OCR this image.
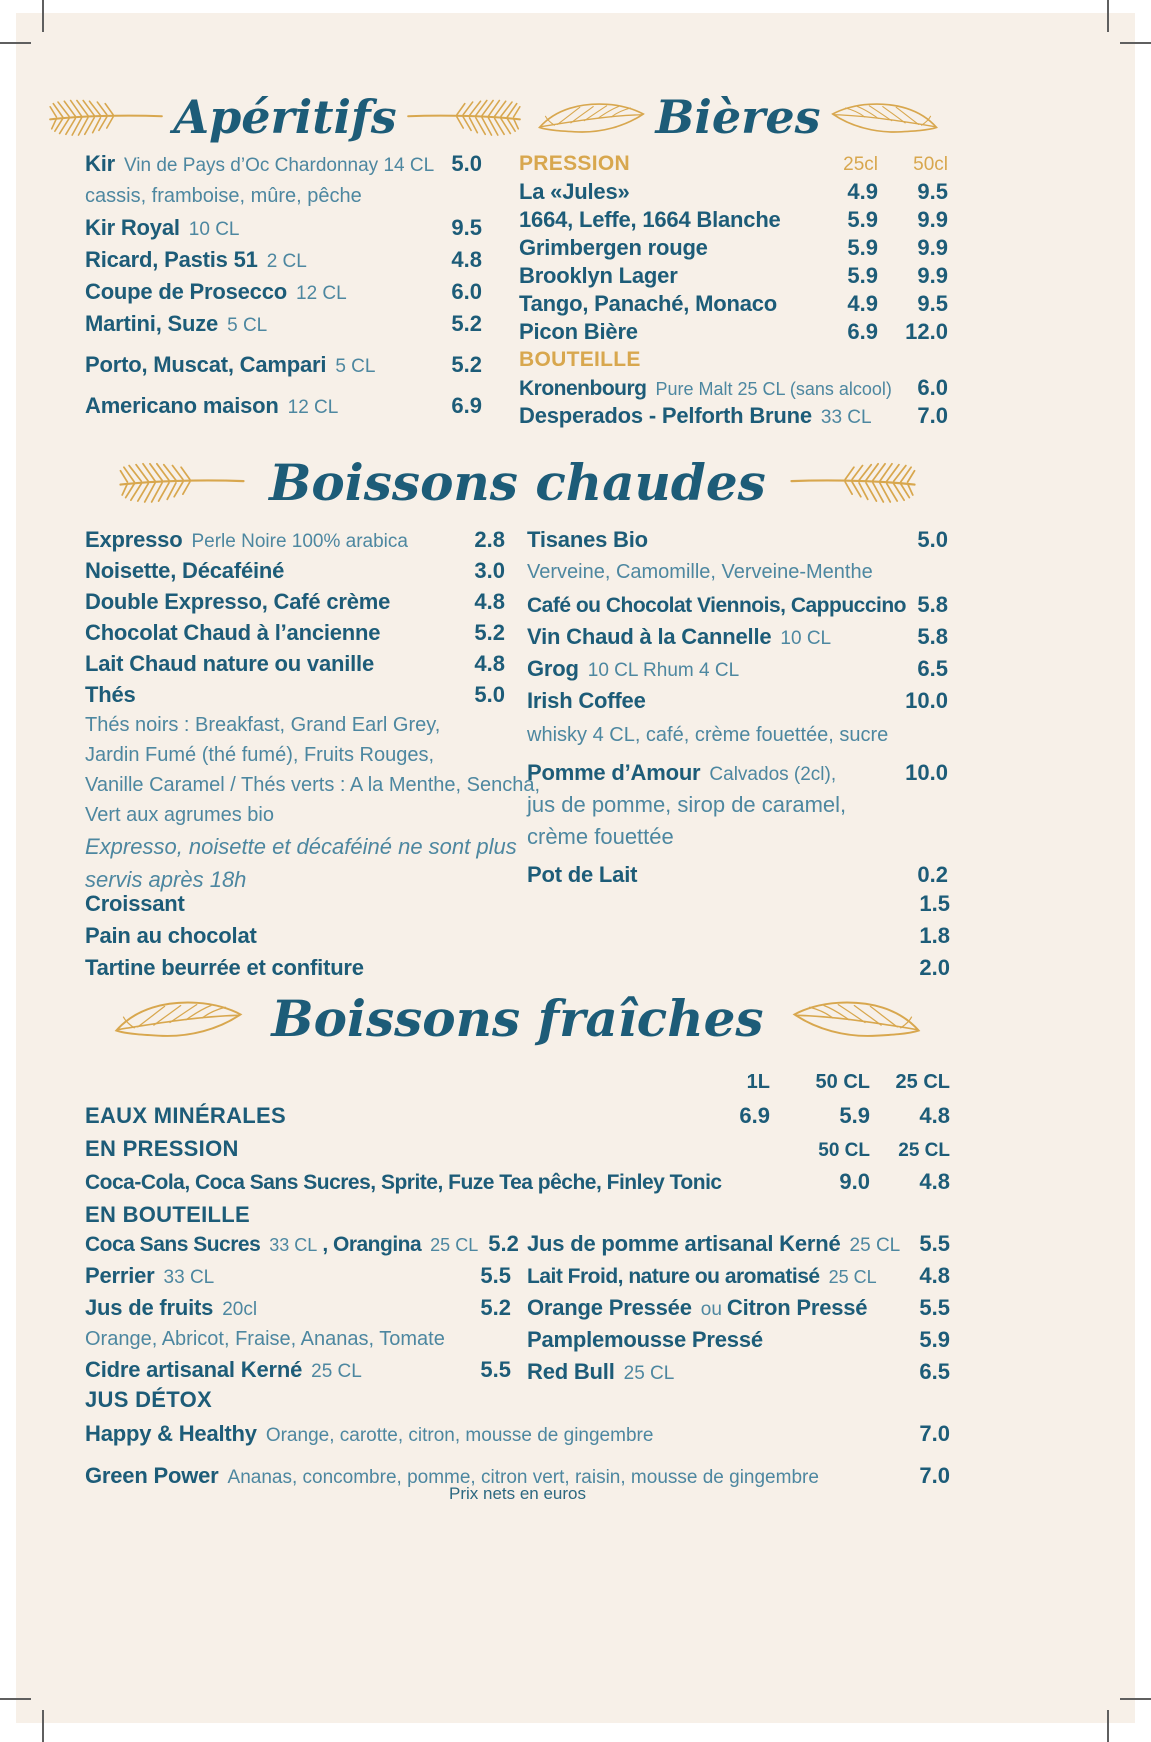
Apéritifs
Kir Vin de Pays d’Oc Chardonnay 14 CL 5.0
cassis, framboise, mûre, pêche
Kir Royal 10 CL	9.5
Ricard, Pastis 51 2 CL	4.8
Coupe de Prosecco 12 CL	6.0
Martini, Suze 5 CL	5.2
Porto, Muscat, Campari 5 CL	5.2
Americano maison 12 CL	6.9
Bières
PRESSION	25cl	50cl
La «Jules»	4.9	9.5
1664, Leffe, 1664 Blanche	5.9	9.9
Grimbergen rouge	5.9	9.9
Brooklyn Lager	5.9	9.9
Tango, Panaché, Monaco	4.9	9.5
Picon Bière	6.9	12.0
BOUTEILLE
Kronenbourg Pure Malt 25 CL (sans alcool)	6.0
Desperados - Pelforth Brune 33 CL	7.0
Boissons chaudes
Expresso Perle Noire 100% arabica	2.8
Noisette, Décaféiné	3.0
Double Expresso, Café crème	4.8
Chocolat Chaud à l’ancienne	5.2
Lait Chaud nature ou vanille	4.8
Thés	5.0
Thés noirs : Breakfast, Grand Earl Grey,
Jardin Fumé (thé fumé), Fruits Rouges,
Vanille Caramel / Thés verts : A la Menthe, Sencha,
Vert aux agrumes bio
Expresso, noisette et décaféiné ne sont plus
servis après 18h
Tisanes Bio	5.0
Verveine, Camomille, Verveine-Menthe
Café ou Chocolat Viennois, Cappuccino 5.8
Vin Chaud à la Cannelle 10 CL	5.8
Grog 10 CL Rhum 4 CL	6.5
Irish Coffee	10.0
whisky 4 CL, café, crème fouettée, sucre
Pomme d’Amour Calvados (2cl),	10.0
jus de pomme, sirop de caramel,
crème fouettée
Pot de Lait	0.2
Croissant	1.5
Pain au chocolat	1.8
Tartine beurrée et confiture	2.0
Boissons fraîches
1L	50 CL	25 CL
EAUX MINÉRALES	6.9	5.9	4.8
EN PRESSION	50 CL	25 CL
Coca-Cola, Coca Sans Sucres, Sprite, Fuze Tea pêche, Finley Tonic	9.0	4.8
EN BOUTEILLE
Coca Sans Sucres 33 CL , Orangina 25 CL 5.2
Perrier 33 CL	5.5
Jus de fruits 20cl	5.2
Orange, Abricot, Fraise, Ananas, Tomate
Cidre artisanal Kerné 25 CL	5.5
Jus de pomme artisanal Kerné 25 CL 5.5
Lait Froid, nature ou aromatisé 25 CL	4.8
Orange Pressée ou Citron Pressé	5.5
Pamplemousse Pressé	5.9
Red Bull 25 CL	6.5
JUS DÉTOX
Happy & Healthy Orange, carotte, citron, mousse de gingembre	7.0
Green Power Ananas, concombre, pomme, citron vert, raisin, mousse de gingembre	7.0
Prix nets en euros
